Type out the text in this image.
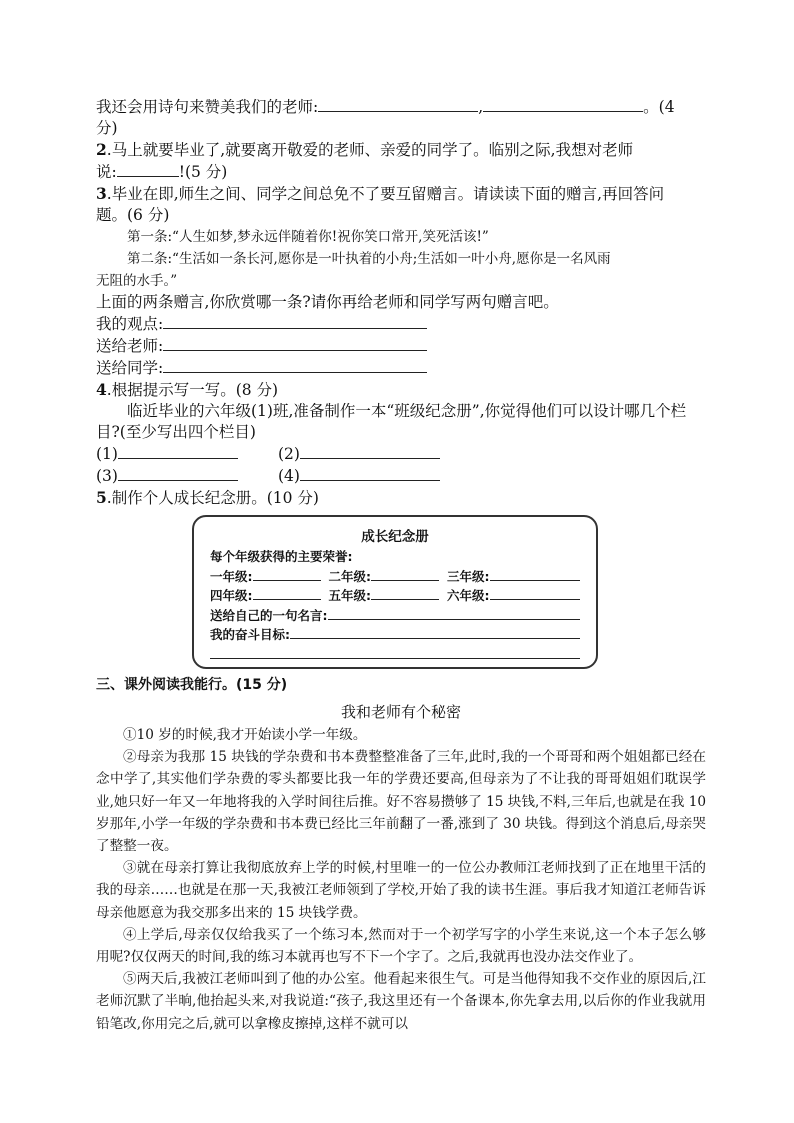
我还会用诗句来赞美我们的老师:	,	。(4

分)

2.马上就要毕业了,就要离开敬爱的老师、亲爱的同学了。临别之际,我想对老师

说:	!(5 分)

3.毕业在即,师生之间、同学之间总免不了要互留赠言。请读读下面的赠言,再回答问

题。(6 分)

第一条:“人生如梦,梦永远伴随着你!祝你笑口常开,笑死活该!”

第二条:“生活如一条长河,愿你是一叶执着的小舟;生活如一叶小舟,愿你是一名风雨

无阻的水手。”

上面的两条赠言,你欣赏哪一条?请你再给老师和同学写两句赠言吧。

我的观点:

送给老师:

送给同学:

4.根据提示写一写。(8 分)

临近毕业的六年级(1)班,准备制作一本“班级纪念册”,你觉得他们可以设计哪几个栏

目?(至少写出四个栏目)

(1)	(2)
(3)	(4)

5.制作个人成长纪念册。(10 分)

成长纪念册

每个年级获得的主要荣誉:

一年级:	二年级:	三年级:

四年级:	五年级:	六年级:

送给自己的一句名言:

我的奋斗目标:

三、课外阅读我能行。(15 分)

我和老师有个秘密

①10 岁的时候,我才开始读小学一年级。

②母亲为我那 15 块钱的学杂费和书本费整整准备了三年,此时,我的一个哥哥和两个姐姐都已经在念中学了,其实他们学杂费的零头都要比我一年的学费还要高,但母亲为了不让我的哥哥姐姐们耽误学业,她只好一年又一年地将我的入学时间往后推。好不容易攒够了 15 块钱,不料,三年后,也就是在我 10 岁那年,小学一年级的学杂费和书本费已经比三年前翻了一番,涨到了 30 块钱。得到这个消息后,母亲哭了整整一夜。

③就在母亲打算让我彻底放弃上学的时候,村里唯一的一位公办教师江老师找到了正在地里干活的我的母亲……也就是在那一天,我被江老师领到了学校,开始了我的读书生涯。事后我才知道江老师告诉母亲他愿意为我交那多出来的 15 块钱学费。

④上学后,母亲仅仅给我买了一个练习本,然而对于一个初学写字的小学生来说,这一个本子怎么够用呢?仅仅两天的时间,我的练习本就再也写不下一个字了。之后,我就再也没办法交作业了。

⑤两天后,我被江老师叫到了他的办公室。他看起来很生气。可是当他得知我不交作业的原因后,江老师沉默了半晌,他抬起头来,对我说道:“孩子,我这里还有一个备课本,你先拿去用,以后你的作业我就用铅笔改,你用完之后,就可以拿橡皮擦掉,这样不就可以
